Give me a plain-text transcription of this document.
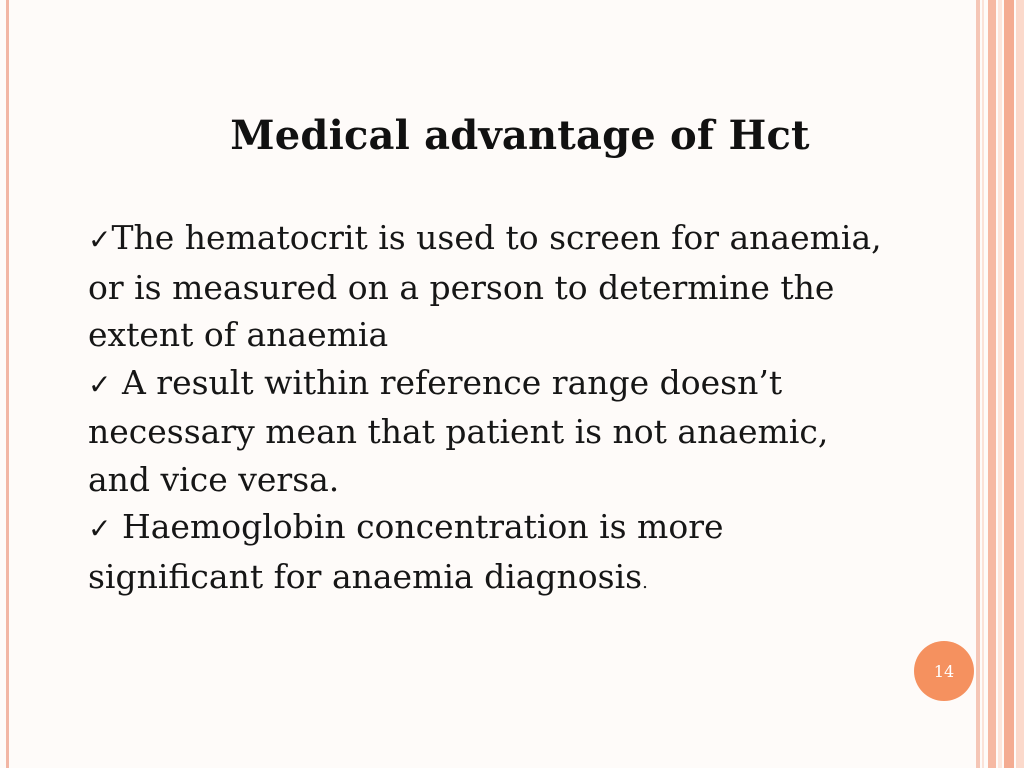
Medical advantage of Hct

✓The hematocrit is used to screen for anaemia, or is measured on a person to determine the extent of anaemia

✓ A result within reference range doesn’t necessary mean that patient is not anaemic, and vice versa.

✓ Haemoglobin concentration is more significant for anaemia diagnosis.

14
